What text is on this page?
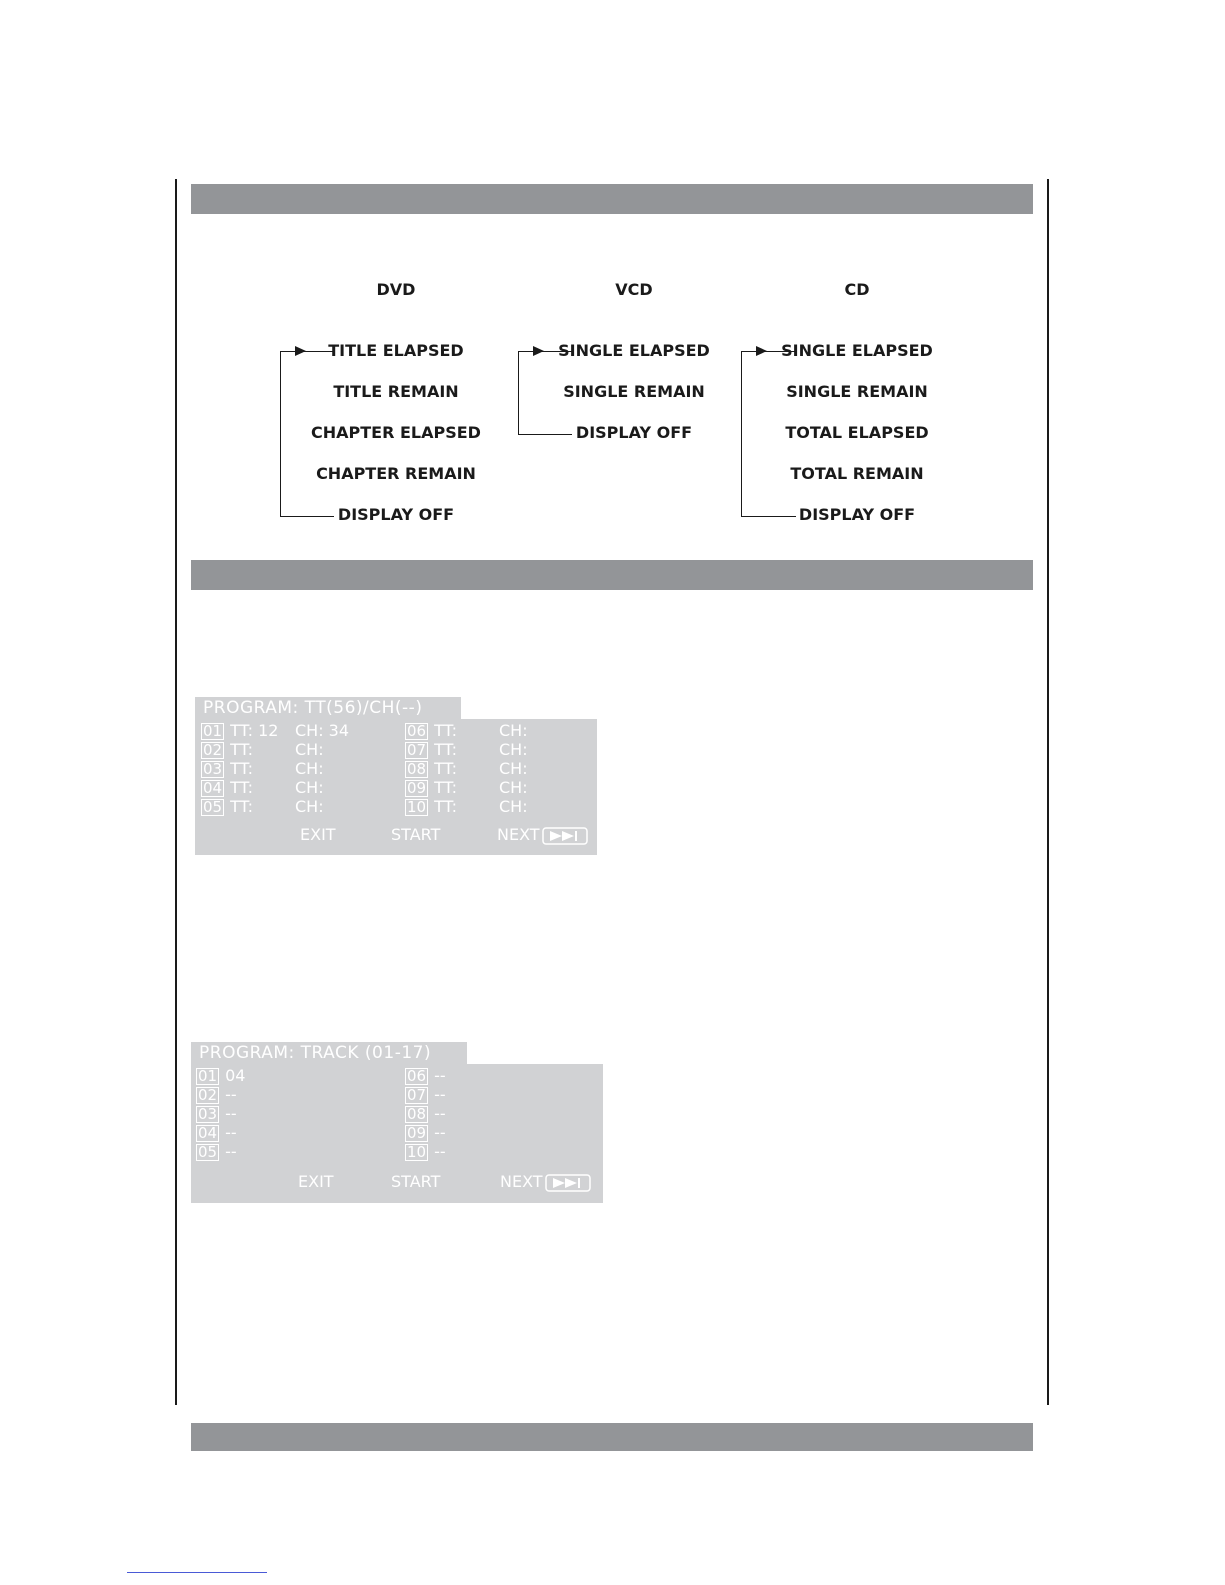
DVD
TITLE ELAPSED
TITLE REMAIN
CHAPTER ELAPSED
CHAPTER REMAIN
DISPLAY OFF
VCD
SINGLE ELAPSED
SINGLE REMAIN
DISPLAY OFF
CD
SINGLE ELAPSED
SINGLE REMAIN
TOTAL ELAPSED
TOTAL REMAIN
DISPLAY OFF
PROGRAM: TT(56)/CH(--)
01 TT: 12 CH: 34
02 TT:	CH:
03 TT:	CH:
04 TT:	CH:
05 TT:	CH:
06 TT:	CH:
07 TT:	CH:
08 TT:	CH:
09 TT:	CH:
10 TT:	CH:
EXIT	START	NEXT
PROGRAM: TRACK (01-17)
01 04
02 --
03 --
04 --
05 --
06 --
07 --
08 --
09 --
10 --
EXIT	START	NEXT
